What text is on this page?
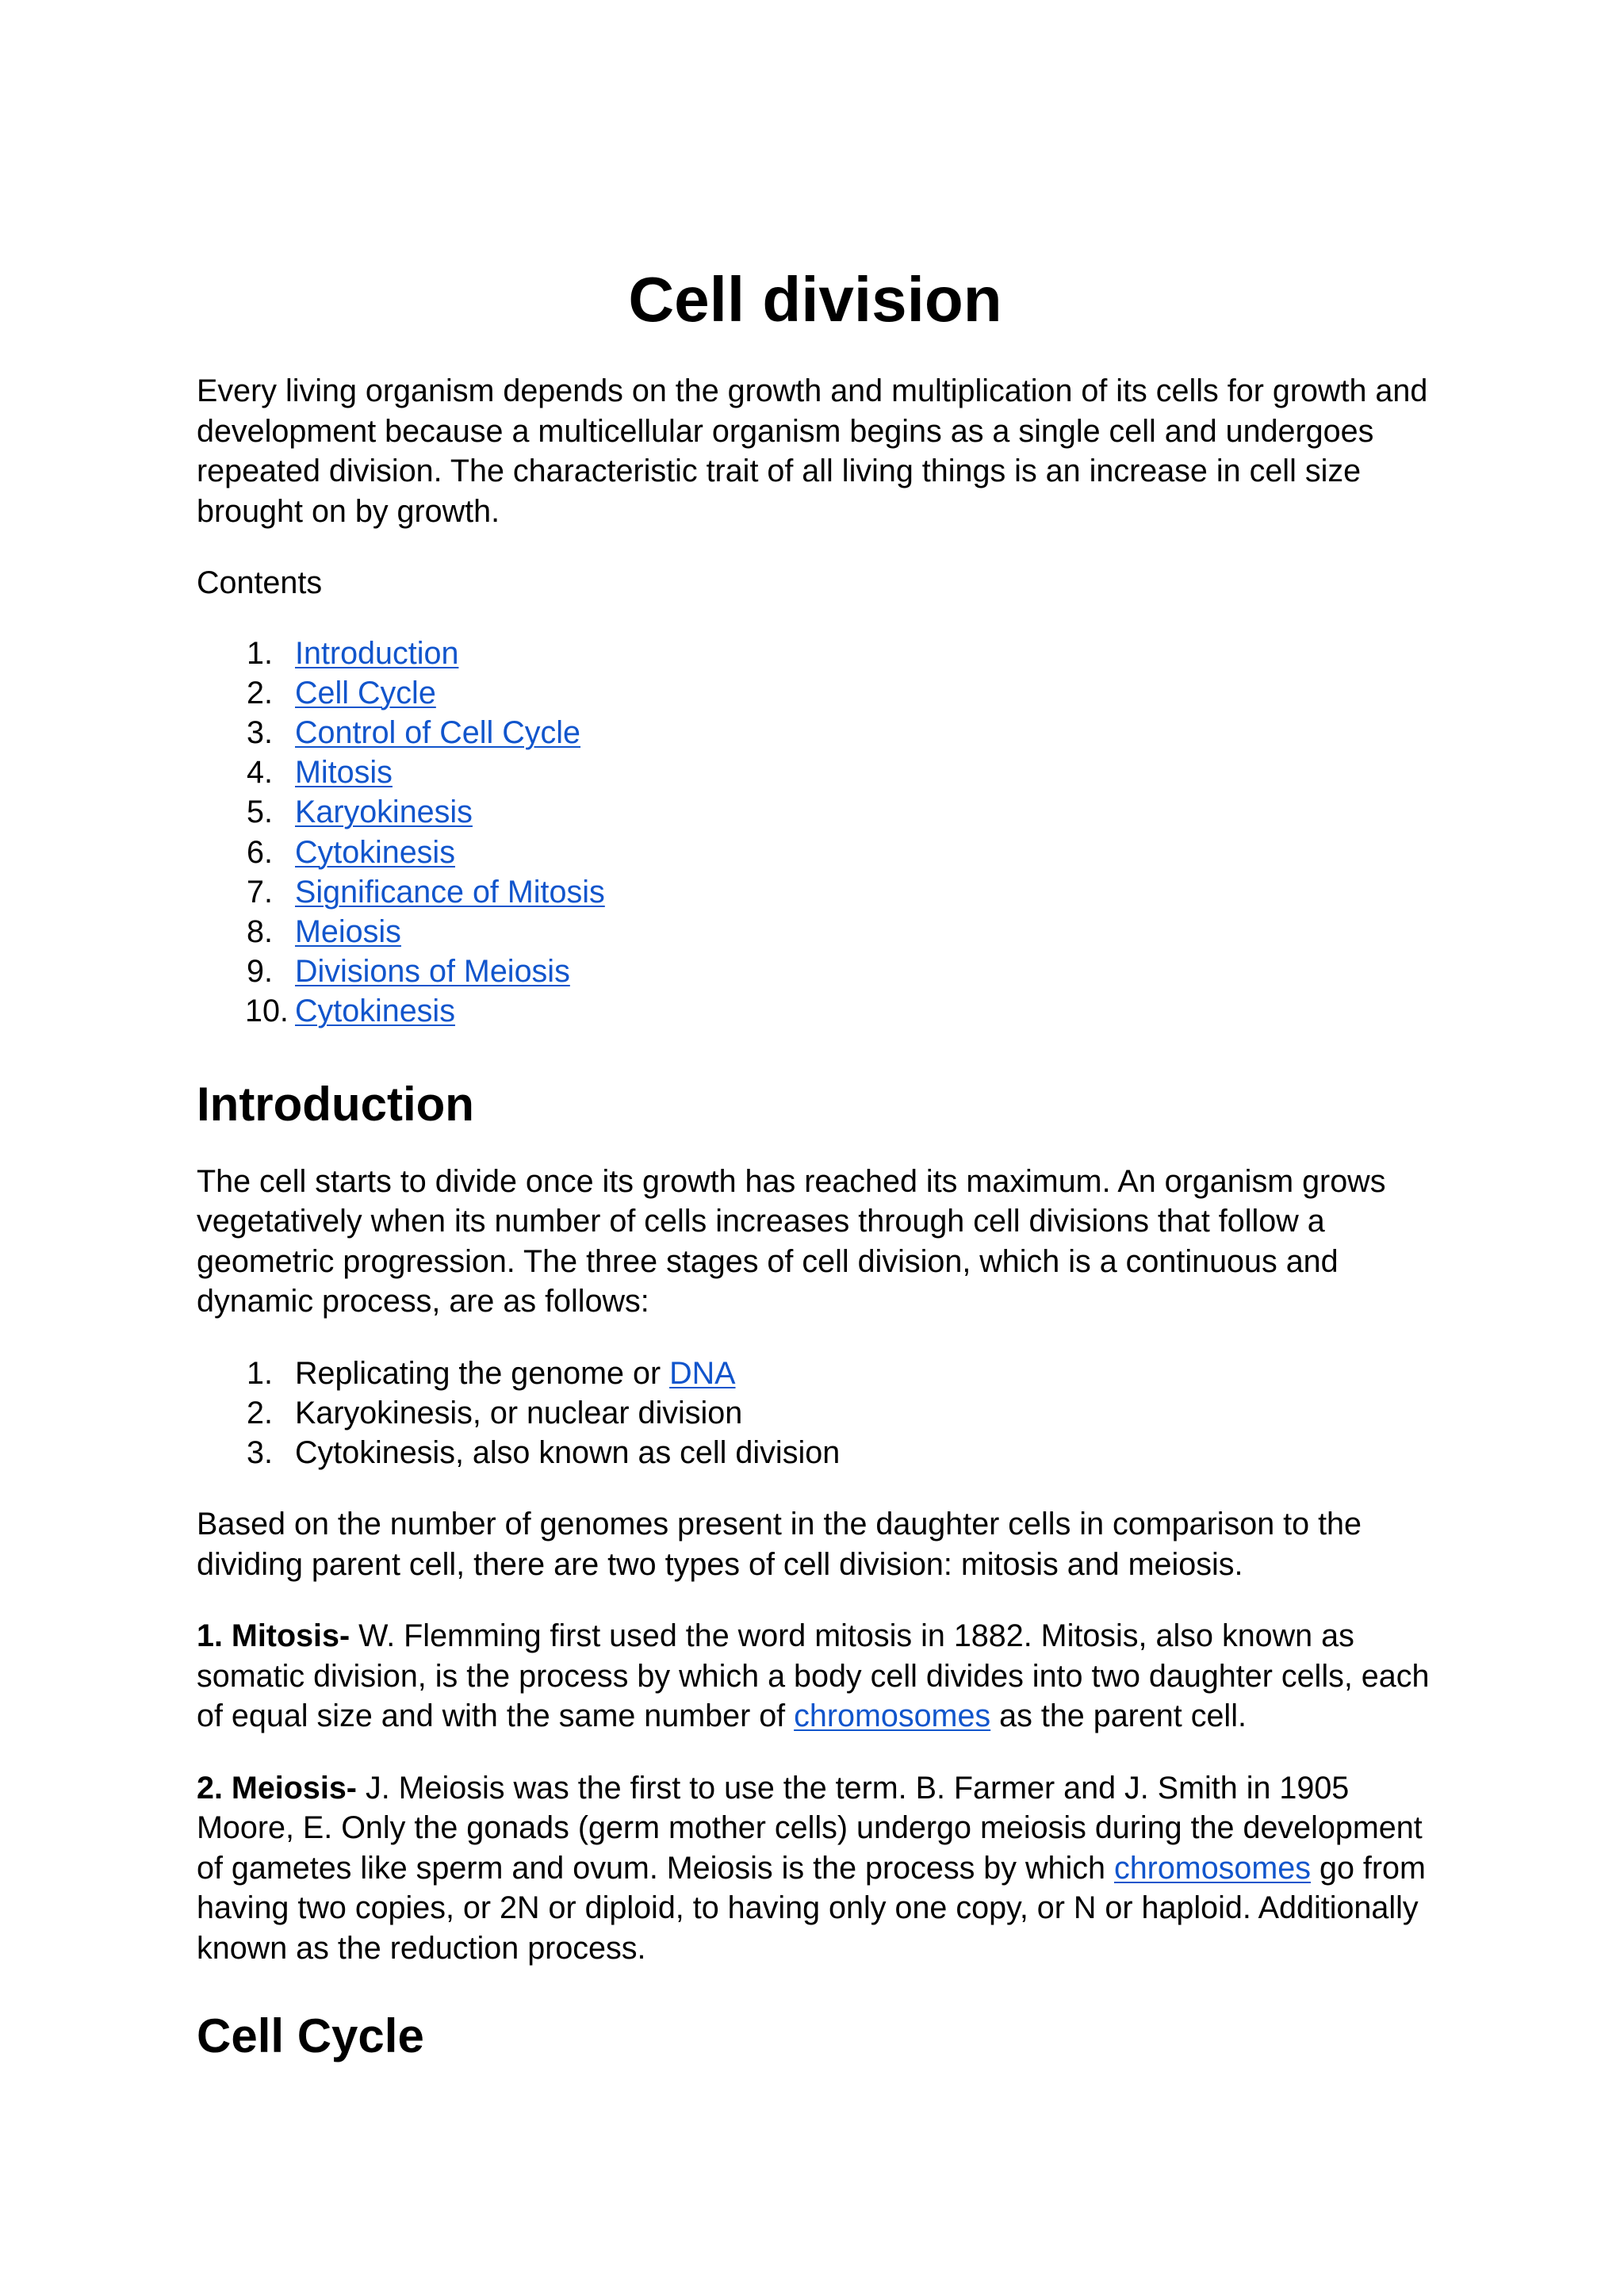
Cell division

Every living organism depends on the growth and multiplication of its cells for growth and development because a multicellular organism begins as a single cell and undergoes repeated division. The characteristic trait of all living things is an increase in cell size brought on by growth.

Contents

1. Introduction
2. Cell Cycle
3. Control of Cell Cycle
4. Mitosis
5. Karyokinesis
6. Cytokinesis
7. Significance of Mitosis
8. Meiosis
9. Divisions of Meiosis
10. Cytokinesis
Introduction

The cell starts to divide once its growth has reached its maximum. An organism grows vegetatively when its number of cells increases through cell divisions that follow a geometric progression. The three stages of cell division, which is a continuous and dynamic process, are as follows:

1. Replicating the genome or DNA
2. Karyokinesis, or nuclear division
3. Cytokinesis, also known as cell division

Based on the number of genomes present in the daughter cells in comparison to the dividing parent cell, there are two types of cell division: mitosis and meiosis.

1. Mitosis- W. Flemming first used the word mitosis in 1882. Mitosis, also known as somatic division, is the process by which a body cell divides into two daughter cells, each of equal size and with the same number of chromosomes as the parent cell.

2. Meiosis- J. Meiosis was the first to use the term. B. Farmer and J. Smith in 1905 Moore, E. Only the gonads (germ mother cells) undergo meiosis during the development of gametes like sperm and ovum. Meiosis is the process by which chromosomes go from having two copies, or 2N or diploid, to having only one copy, or N or haploid. Additionally known as the reduction process.

Cell Cycle
